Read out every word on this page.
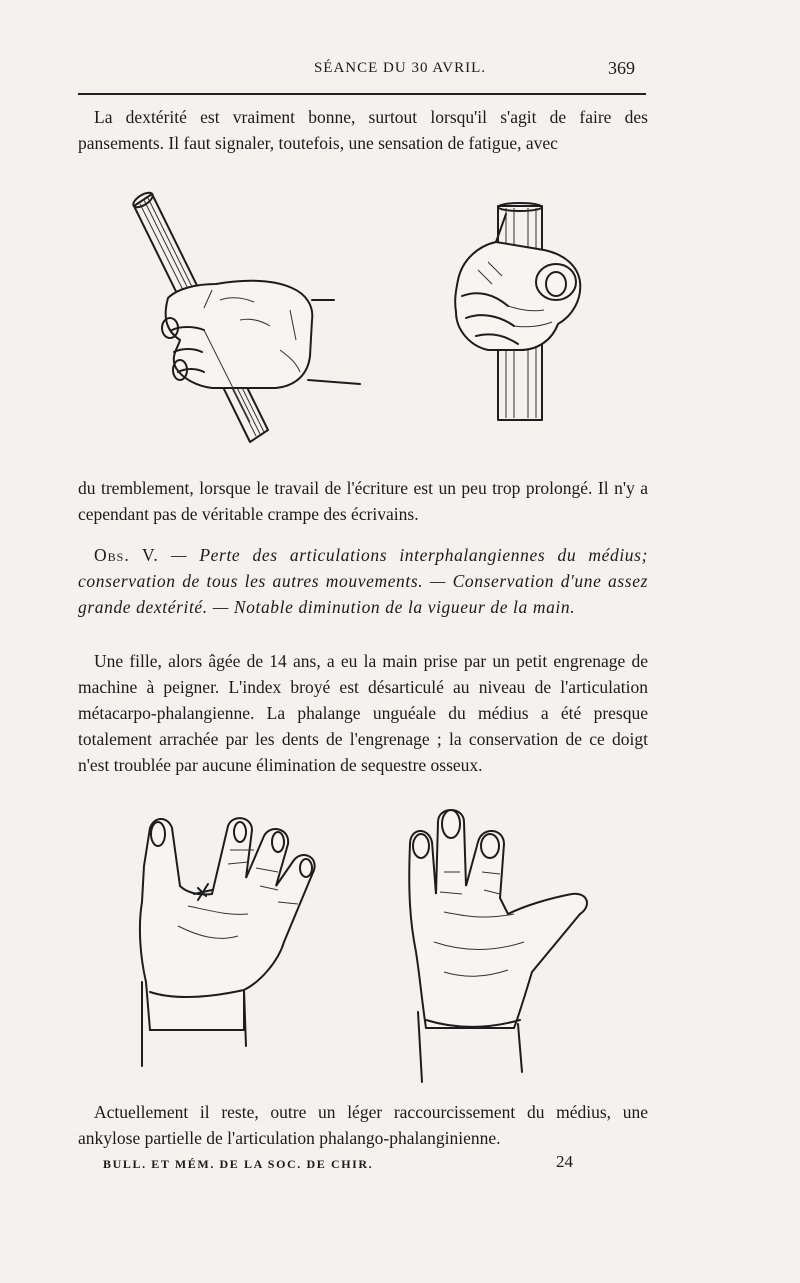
SÉANCE DU 30 AVRIL.	369

La dextérité est vraiment bonne, surtout lorsqu'il s'agit de faire des pansements. Il faut signaler, toutefois, une sensation de fatigue, avec

du tremblement, lorsque le travail de l'écriture est un peu trop prolongé. Il n'y a cependant pas de véritable crampe des écrivains.

Obs. V. — Perte des articulations interphalangiennes du médius; conservation de tous les autres mouvements. — Conservation d'une assez grande dextérité. — Notable diminution de la vigueur de la main.

Une fille, alors âgée de 14 ans, a eu la main prise par un petit engrenage de machine à peigner. L'index broyé est désarticulé au niveau de l'articulation métacarpo-phalangienne. La phalange unguéale du médius a été presque totalement arrachée par les dents de l'engrenage ; la conservation de ce doigt n'est troublée par aucune élimination de sequestre osseux.

Actuellement il reste, outre un léger raccourcissement du médius, une ankylose partielle de l'articulation phalango-phalanginienne.

BULL. ET MÉM. DE LA SOC. DE CHIR.	24
